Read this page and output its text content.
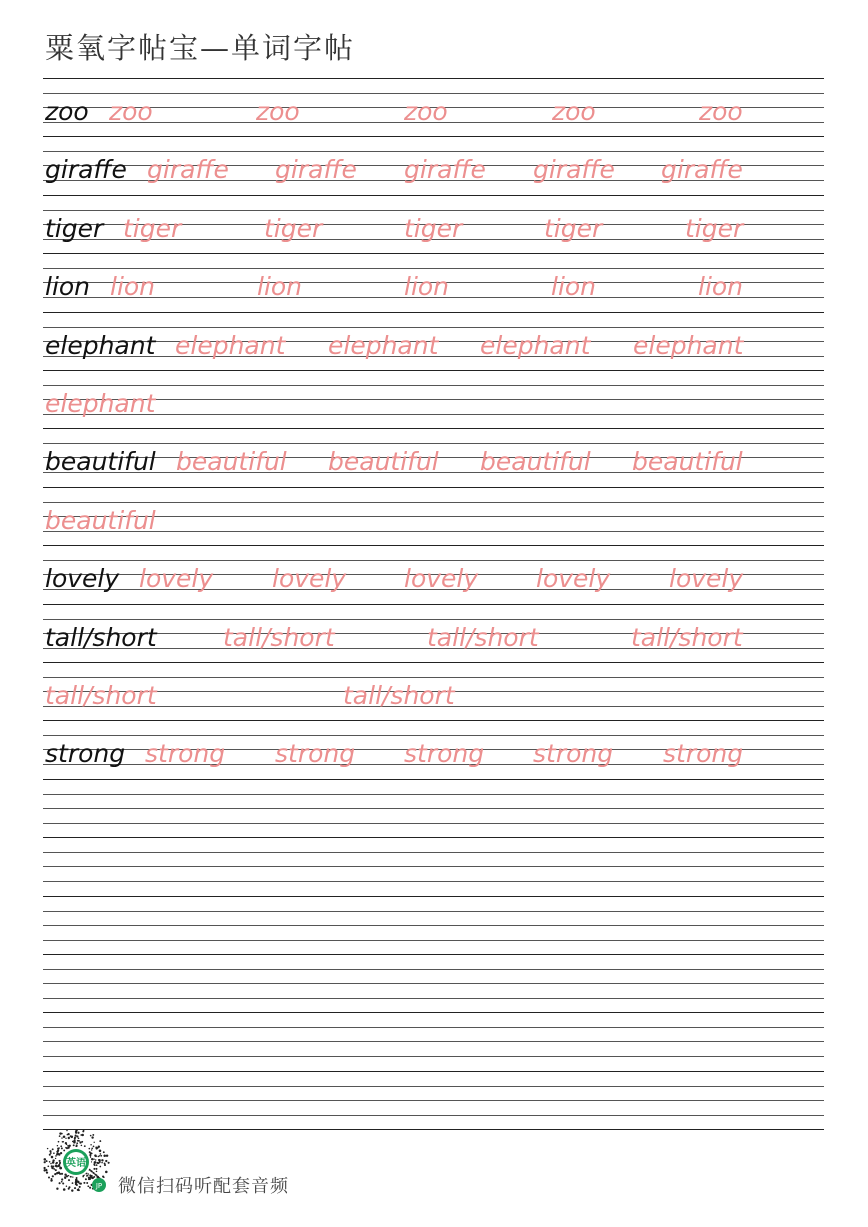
粟氧字帖宝—单词字帖
zoo zoo	zoo	zoo	zoo	zoo
giraffe giraffe giraffe giraffe giraffe giraffe
tiger tiger	tiger	tiger	tiger	tiger
lion lion	lion	lion	lion	lion
elephant elephant elephant elephant elephant
elephant
beautiful beautiful beautiful beautiful beautiful
beautiful
lovely lovely lovely lovely lovely lovely
tall/short	tall/short	tall/short	tall/short
tall/short	tall/short
strong strong strong strong strong strong
英语
JP 微信扫码听配套音频
